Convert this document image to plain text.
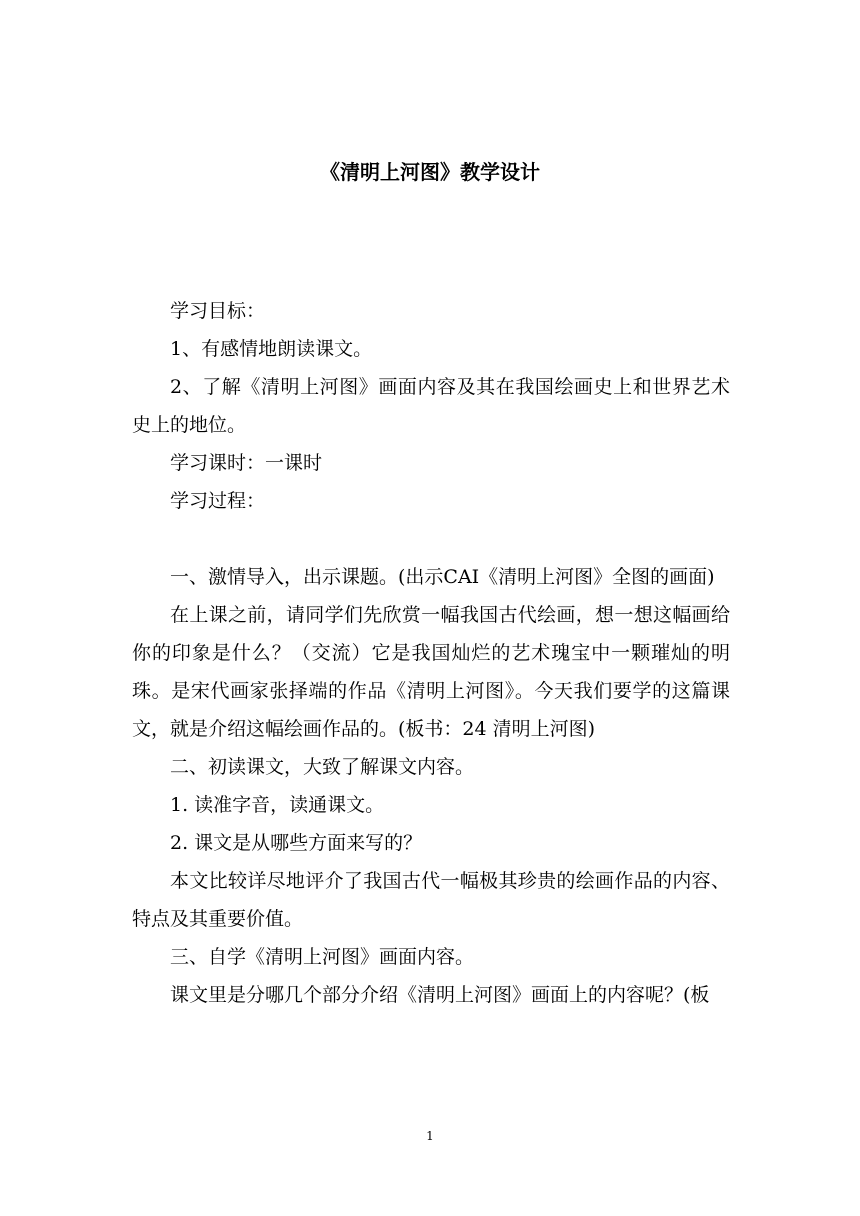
《清明上河图》教学设计

学习目标：

1、有感情地朗读课文。

2、了解《清明上河图》画面内容及其在我国绘画史上和世界艺术史上的地位。

学习课时：一课时

学习过程：

一、激情导入，出示课题。(出示CAI《清明上河图》全图的画面)

在上课之前，请同学们先欣赏一幅我国古代绘画，想一想这幅画给你的印象是什么？（交流）它是我国灿烂的艺术瑰宝中一颗璀灿的明珠。是宋代画家张择端的作品《清明上河图》。今天我们要学的这篇课文，就是介绍这幅绘画作品的。(板书：24 清明上河图)

二、初读课文，大致了解课文内容。

1. 读准字音，读通课文。

2. 课文是从哪些方面来写的？

本文比较详尽地评介了我国古代一幅极其珍贵的绘画作品的内容、特点及其重要价值。

三、自学《清明上河图》画面内容。

课文里是分哪几个部分介绍《清明上河图》画面上的内容呢？(板

1
